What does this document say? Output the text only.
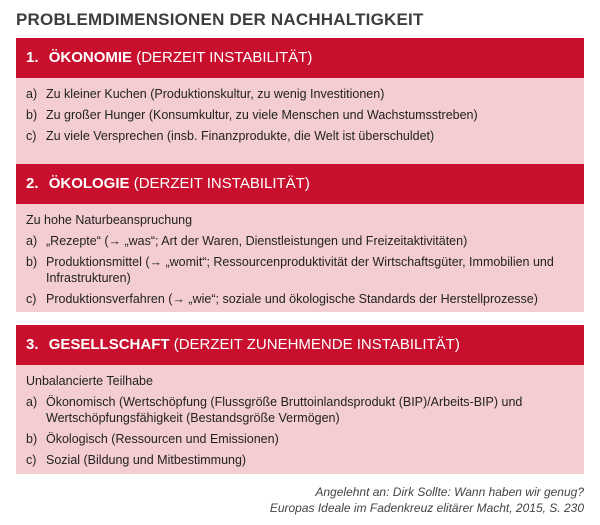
PROBLEMDIMENSIONEN DER NACHHALTIGKEIT
1. ÖKONOMIE (DERZEIT INSTABILITÄT)
a) Zu kleiner Kuchen (Produktionskultur, zu wenig Investitionen)
b) Zu großer Hunger (Konsumkultur, zu viele Menschen und Wachstumsstreben)
c) Zu viele Versprechen (insb. Finanzprodukte, die Welt ist überschuldet)
2. ÖKOLOGIE (DERZEIT INSTABILITÄT)
Zu hohe Naturbeanspruchung
a) „Rezepte“ (→ „was“; Art der Waren, Dienstleistungen und Freizeitaktivitäten)
b) Produktionsmittel (→ „womit“; Ressourcenproduktivität der Wirtschaftsgüter, Immobilien und Infrastrukturen)
c) Produktionsverfahren (→ „wie“; soziale und ökologische Standards der Herstellprozesse)
3. GESELLSCHAFT (DERZEIT ZUNEHMENDE INSTABILITÄT)
Unbalancierte Teilhabe
a) Ökonomisch (Wertschöpfung (Flussgröße Bruttoinlandsprodukt (BIP)/Arbeits-BIP) und Wertschöpfungsfähigkeit (Bestandsgröße Vermögen)
b) Ökologisch (Ressourcen und Emissionen)
c) Sozial (Bildung und Mitbestimmung)
Angelehnt an: Dirk Sollte: Wann haben wir genug?
Europas Ideale im Fadenkreuz elitärer Macht, 2015, S. 230
